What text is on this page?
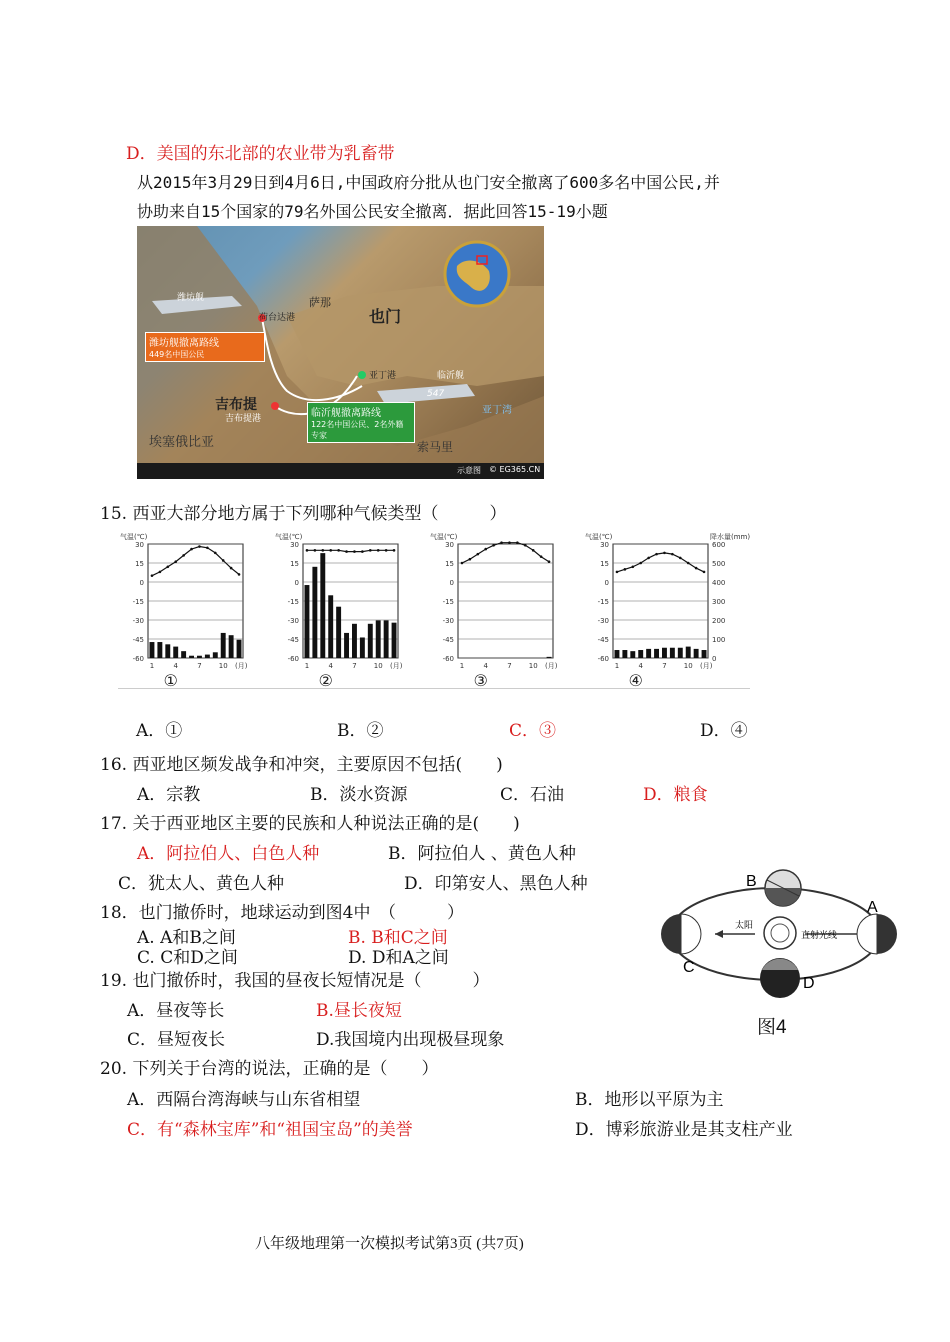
D．美国的东北部的农业带为乳畜带
从2015年3月29日到4月6日,中国政府分批从也门安全撤离了600多名中国公民,并
协助来自15个国家的79名外国公民安全撤离．据此回答15-19小题
也门
萨那
荷台达港
亚丁港
吉布提
吉布提港
埃塞俄比亚	索马里
亚丁湾
潍坊舰
临沂舰
547
潍坊舰撤离路线
449名中国公民
临沂舰撤离路线
122名中国公民、2名外籍专家
示意图 © EG365.CN
15. 西亚大部分地方属于下列哪种气候类型（　　　）
气温(℃)
30
15
0
-15
-30
-45
-60
1	4	7 10 (月)
①
气温(℃)
30
15
0
-15
-30
-45
-60
1	4	7 10 (月)
②
气温(℃)
30
15
0
-15
-30
-45
-60
1	4	7 10 (月)
③
气温(℃)	降水量(mm)
30	600
15	500
0	400
-15	300
-30	200
-45	100
-60	0
1	4	7 10 (月)
④
A．①	B．②	C．③	D．④
16. 西亚地区频发战争和冲突，主要原因不包括(　　)
A．宗教	B．淡水资源	C．石油	D．粮食
17. 关于西亚地区主要的民族和人种说法正确的是(　　)
A．阿拉伯人、白色人种	B．阿拉伯人 、黄色人种
C．犹太人、黄色人种	D．印第安人、黑色人种
18．也门撤侨时，地球运动到图4中　（　　　）
A. A和B之间	B. B和C之间
C. C和D之间	D. D和A之间
19. 也门撤侨时，我国的昼夜长短情况是（　　　）
A．昼夜等长	B.昼长夜短
C．昼短夜长	D.我国境内出现极昼现象
B
A
C
D
太阳
直射光线
图4
20. 下列关于台湾的说法，正确的是（　　）
A．西隔台湾海峡与山东省相望	B．地形以平原为主
C．有“森林宝库”和“祖国宝岛”的美誉	D．博彩旅游业是其支柱产业
八年级地理第一次模拟考试第3页 (共7页)
